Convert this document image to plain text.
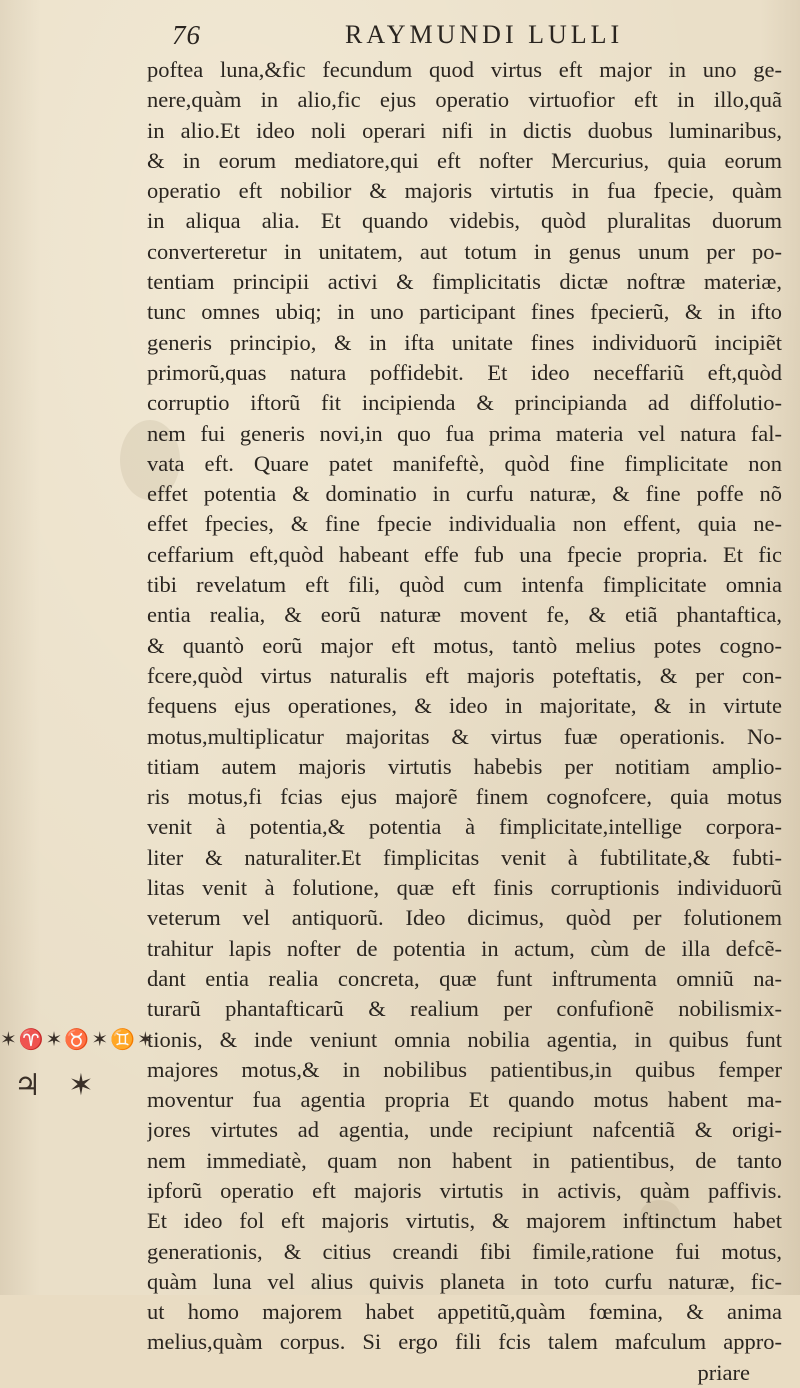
76	RAYMUNDI LULLI
poftea luna,&fic fecundum quod virtus eft major in uno ge-
nere,quàm in alio,fic ejus operatio virtuofior eft in illo,quã
in alio.Et ideo noli operari nifi in dictis duobus luminaribus,
& in eorum mediatore,qui eft nofter Mercurius, quia eorum
operatio eft nobilior & majoris virtutis in fua fpecie, quàm
in aliqua alia. Et quando videbis, quòd pluralitas duorum
converteretur in unitatem, aut totum in genus unum per po-
tentiam principii activi & fimplicitatis dictæ noftræ materiæ,
tunc omnes ubiq; in uno participant fines fpecierũ, & in ifto
generis principio, & in ifta unitate fines individuorũ incipiẽt
primorũ,quas natura poffidebit. Et ideo neceffariũ eft,quòd
corruptio iftorũ fit incipienda & principianda ad diffolutio-
nem fui generis novi,in quo fua prima materia vel natura fal-
vata eft. Quare patet manifeftè, quòd fine fimplicitate non
effet potentia & dominatio in curfu naturæ, & fine poffe nõ
effet fpecies, & fine fpecie individualia non effent, quia ne-
ceffarium eft,quòd habeant effe fub una fpecie propria. Et fic
tibi revelatum eft fili, quòd cum intenfa fimplicitate omnia
entia realia, & eorũ naturæ movent fe, & etiã phantaftica,
& quantò eorũ major eft motus, tantò melius potes cogno-
fcere,quòd virtus naturalis eft majoris poteftatis, & per con-
fequens ejus operationes, & ideo in majoritate, & in virtute
motus,multiplicatur majoritas & virtus fuæ operationis. No-
titiam autem majoris virtutis habebis per notitiam amplio-
ris motus,fi fcias ejus majorẽ finem cognofcere, quia motus
venit à potentia,& potentia à fimplicitate,intellige corpora-
liter & naturaliter.Et fimplicitas venit à fubtilitate,& fubti-
litas venit à folutione, quæ eft finis corruptionis individuorũ
veterum vel antiquorũ. Ideo dicimus, quòd per folutionem
trahitur lapis nofter de potentia in actum, cùm de illa defcẽ-
dant entia realia concreta, quæ funt inftrumenta omniũ na-
turarũ phantafticarũ & realium per confufionẽ nobilismix-
tionis, & inde veniunt omnia nobilia agentia, in quibus funt
majores motus,& in nobilibus patientibus,in quibus femper
moventur fua agentia propria Et quando motus habent ma-
jores virtutes ad agentia, unde recipiunt nafcentiã & origi-
nem immediatè, quam non habent in patientibus, de tanto
ipforũ operatio eft majoris virtutis in activis, quàm paffivis.
Et ideo fol eft majoris virtutis, & majorem inftinctum habet
generationis, & citius creandi fibi fimile,ratione fui motus,
quàm luna vel alius quivis planeta in toto curfu naturæ, fic-
ut homo majorem habet appetitũ,quàm fœmina, & anima
melius,quàm corpus. Si ergo fili fcis talem mafculum appro-
priare
✶♈✶♉✶♊✶
♃ ✶
